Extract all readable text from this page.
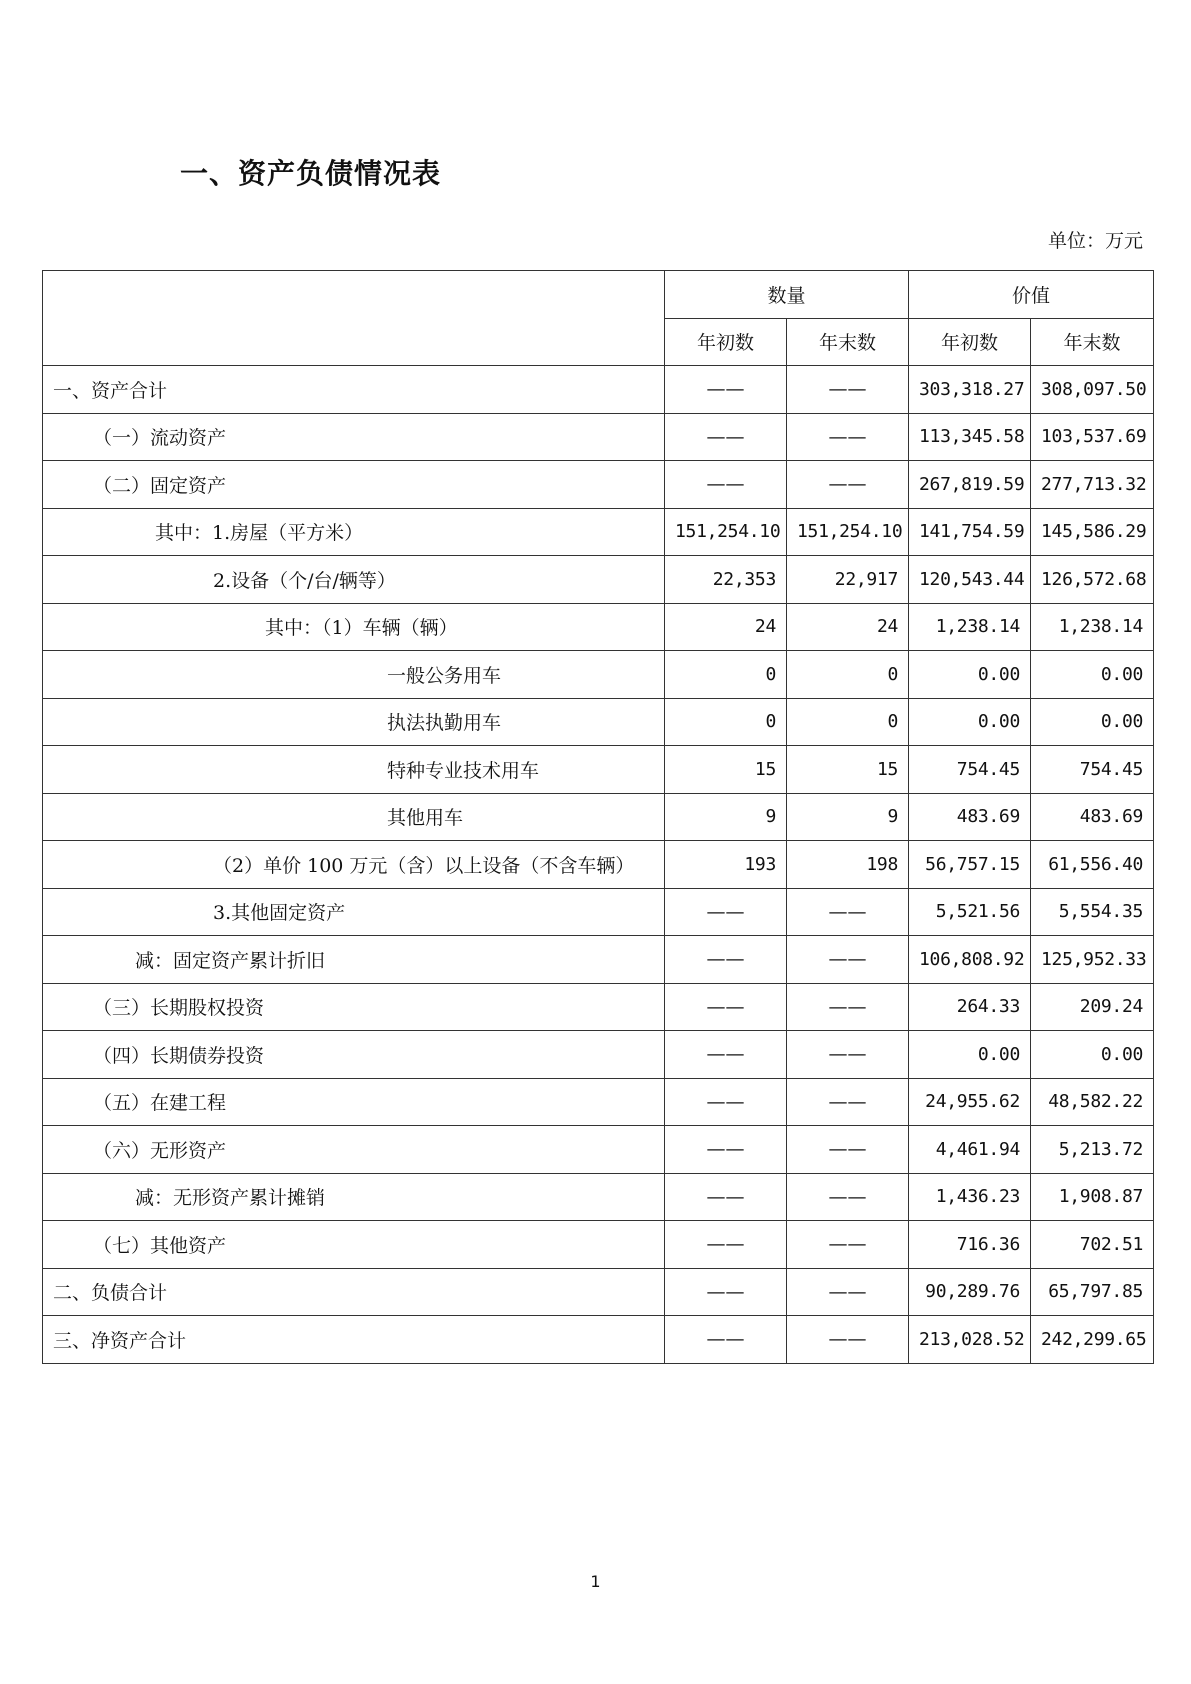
一、资产负债情况表
单位：万元
	数量		价值	
	年初数	年末数	年初数	年末数
一、资产合计	——	——	303,318.27	308,097.50
（一）流动资产	——	——	113,345.58	103,537.69
（二）固定资产	——	——	267,819.59	277,713.32
其中：1.房屋（平方米）	151,254.10	151,254.10	141,754.59	145,586.29
2.设备（个/台/辆等）	22,353	22,917	120,543.44	126,572.68
其中：（1）车辆（辆）	24	24	1,238.14	1,238.14
一般公务用车	0	0	0.00	0.00
执法执勤用车	0	0	0.00	0.00
特种专业技术用车	15	15	754.45	754.45
其他用车	9	9	483.69	483.69
（2）单价 100 万元（含）以上设备（不含车辆）	193	198	56,757.15	61,556.40
3.其他固定资产	——	——	5,521.56	5,554.35
减：固定资产累计折旧	——	——	106,808.92	125,952.33
（三）长期股权投资	——	——	264.33	209.24
（四）长期债券投资	——	——	0.00	0.00
（五）在建工程	——	——	24,955.62	48,582.22
（六）无形资产	——	——	4,461.94	5,213.72
减：无形资产累计摊销	——	——	1,436.23	1,908.87
（七）其他资产	——	——	716.36	702.51
二、负债合计	——	——	90,289.76	65,797.85
三、净资产合计	——	——	213,028.52	242,299.65
1
